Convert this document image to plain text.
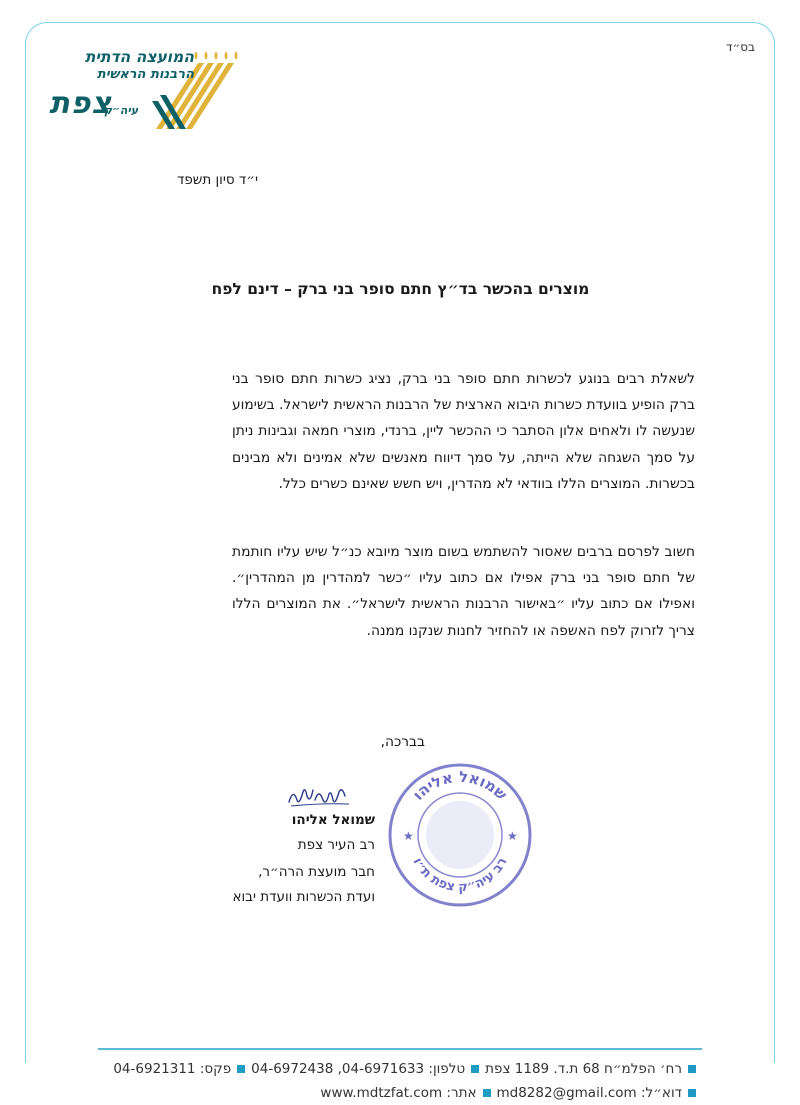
בס״ד
המועצה הדתית
הרבנות הראשית
צפת
עיה״ק
י״ד סיון תשפד
מוצרים בהכשר בד״ץ חתם סופר בני ברק – דינם לפח
לשאלת רבים בנוגע לכשרות חתם סופר בני ברק, נציג כשרות חתם סופר בני ברק הופיע בוועדת כשרות היבוא הארצית של הרבנות הראשית לישראל. בשימוע שנעשה לו ולאחים אלון הסתבר כי ההכשר ליין, ברנדי, מוצרי חמאה וגבינות ניתן על סמך השגחה שלא הייתה, על סמך דיווח מאנשים שלא אמינים ולא מבינים בכשרות. המוצרים הללו בוודאי לא מהדרין, ויש חשש שאינם כשרים כלל.
חשוב לפרסם ברבים שאסור להשתמש בשום מוצר מיובא כנ״ל שיש עליו חותמת של חתם סופר בני ברק אפילו אם כתוב עליו ״כשר למהדרין מן המהדרין״. ואפילו אם כתוב עליו ״באישור הרבנות הראשית לישראל״. את המוצרים הללו צריך לזרוק לפח האשפה או להחזיר לחנות שנקנו ממנה.
בברכה,
שמואל אליהו
רב העיר צפת
חבר מועצת הרה״ר,
ועדת הכשרות וועדת יבוא
שמואל אליהו
רב עיה״ק צפת ת״ו
★	★
רח׳ הפלמ״ח 68 ת.ד. 1189 צפתטלפון: 04-6971633, 04-6972438פקס: 04-6921311
דוא״ל: md8282@gmail.comאתר: www.mdtzfat.com
